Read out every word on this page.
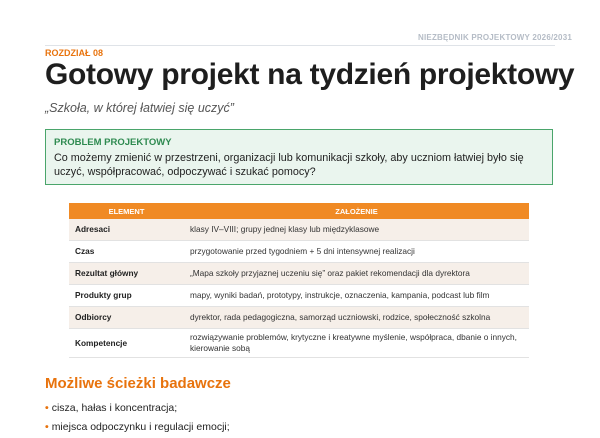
NIEZBĘDNIK PROJEKTOWY 2026/2031
ROZDZIAŁ 08
Gotowy projekt na tydzień projektowy
„Szkoła, w której łatwiej się uczyć”
PROBLEM PROJEKTOWY
Co możemy zmienić w przestrzeni, organizacji lub komunikacji szkoły, aby uczniom łatwiej było się uczyć, współpracować, odpoczywać i szukać pomocy?
ELEMENT	ZAŁOŻENIE
Adresaci	klasy IV–VIII; grupy jednej klasy lub międzyklasowe
Czas	przygotowanie przed tygodniem + 5 dni intensywnej realizacji
Rezultat główny	„Mapa szkoły przyjaznej uczeniu się” oraz pakiet rekomendacji dla dyrektora
Produkty grup	mapy, wyniki badań, prototypy, instrukcje, oznaczenia, kampania, podcast lub film
Odbiorcy	dyrektor, rada pedagogiczna, samorząd uczniowski, rodzice, społeczność szkolna
Kompetencje	rozwiązywanie problemów, krytyczne i kreatywne myślenie, współpraca, dbanie o innych, kierowanie sobą
Możliwe ścieżki badawcze
• cisza, hałas i koncentracja;
• miejsca odpoczynku i regulacji emocji;
